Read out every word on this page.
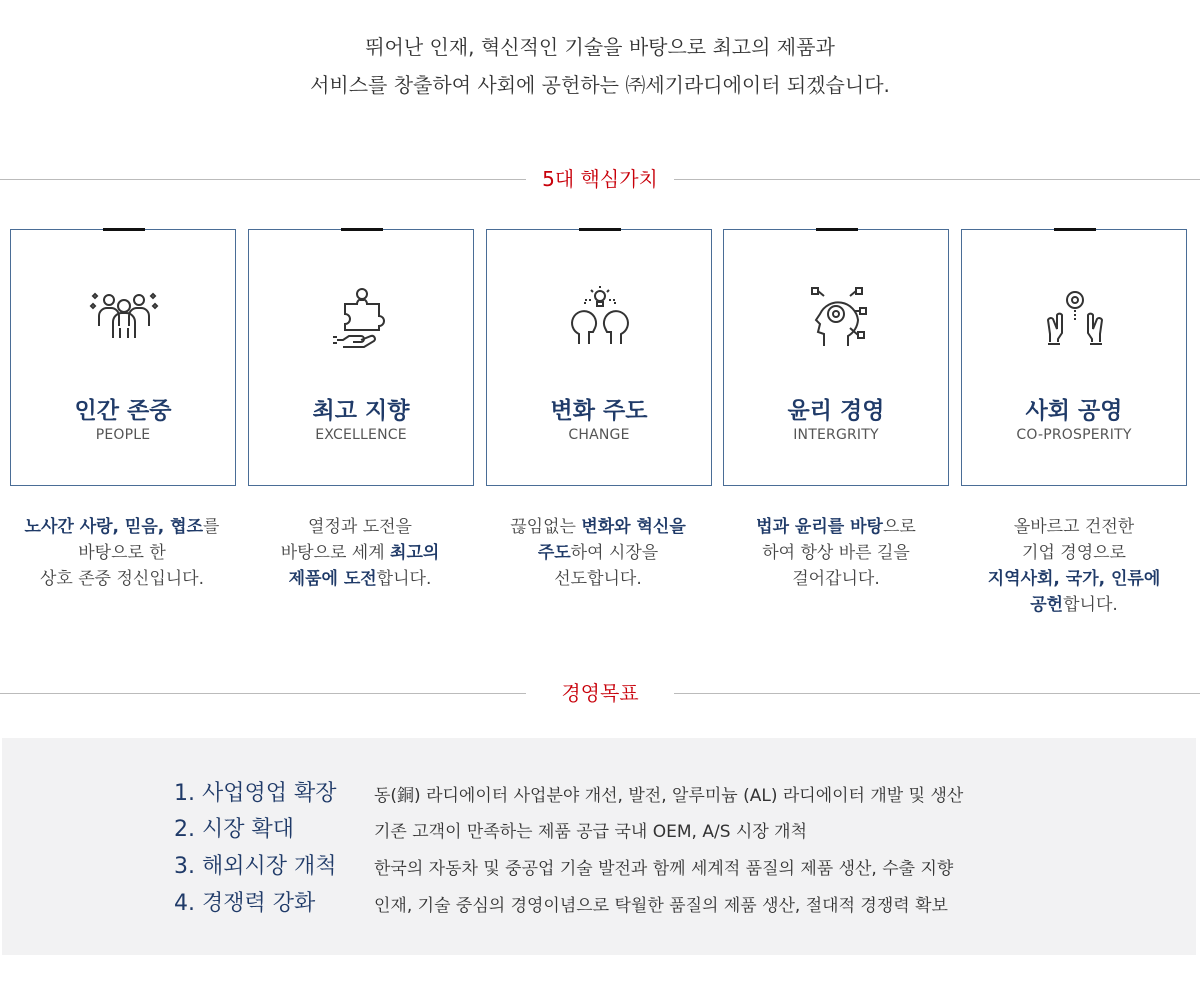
뛰어난 인재, 혁신적인 기술을 바탕으로 최고의 제품과
서비스를 창출하여 사회에 공헌하는 ㈜세기라디에이터 되겠습니다.
5대 핵심가치
인간 존중
PEOPLE
최고 지향
EXCELLENCE
변화 주도
CHANGE
윤리 경영
INTERGRITY
사회 공영
CO-PROSPERITY
노사간 사랑, 믿음, 협조를
바탕으로 한
상호 존중 정신입니다.
열정과 도전을
바탕으로 세계 최고의
제품에 도전합니다.
끊임없는 변화와 혁신을
주도하여 시장을
선도합니다.
법과 윤리를 바탕으로
하여 항상 바른 길을
걸어갑니다.
올바르고 건전한
기업 경영으로
지역사회, 국가, 인류에
공헌합니다.
경영목표
1. 사업영업 확장 동(銅) 라디에이터 사업분야 개선, 발전, 알루미늄 (AL) 라디에이터 개발 및 생산
2. 시장 확대	기존 고객이 만족하는 제품 공급 국내 OEM, A/S 시장 개척
3. 해외시장 개척 한국의 자동차 및 중공업 기술 발전과 함께 세계적 품질의 제품 생산, 수출 지향
4. 경쟁력 강화	인재, 기술 중심의 경영이념으로 탁월한 품질의 제품 생산, 절대적 경쟁력 확보
